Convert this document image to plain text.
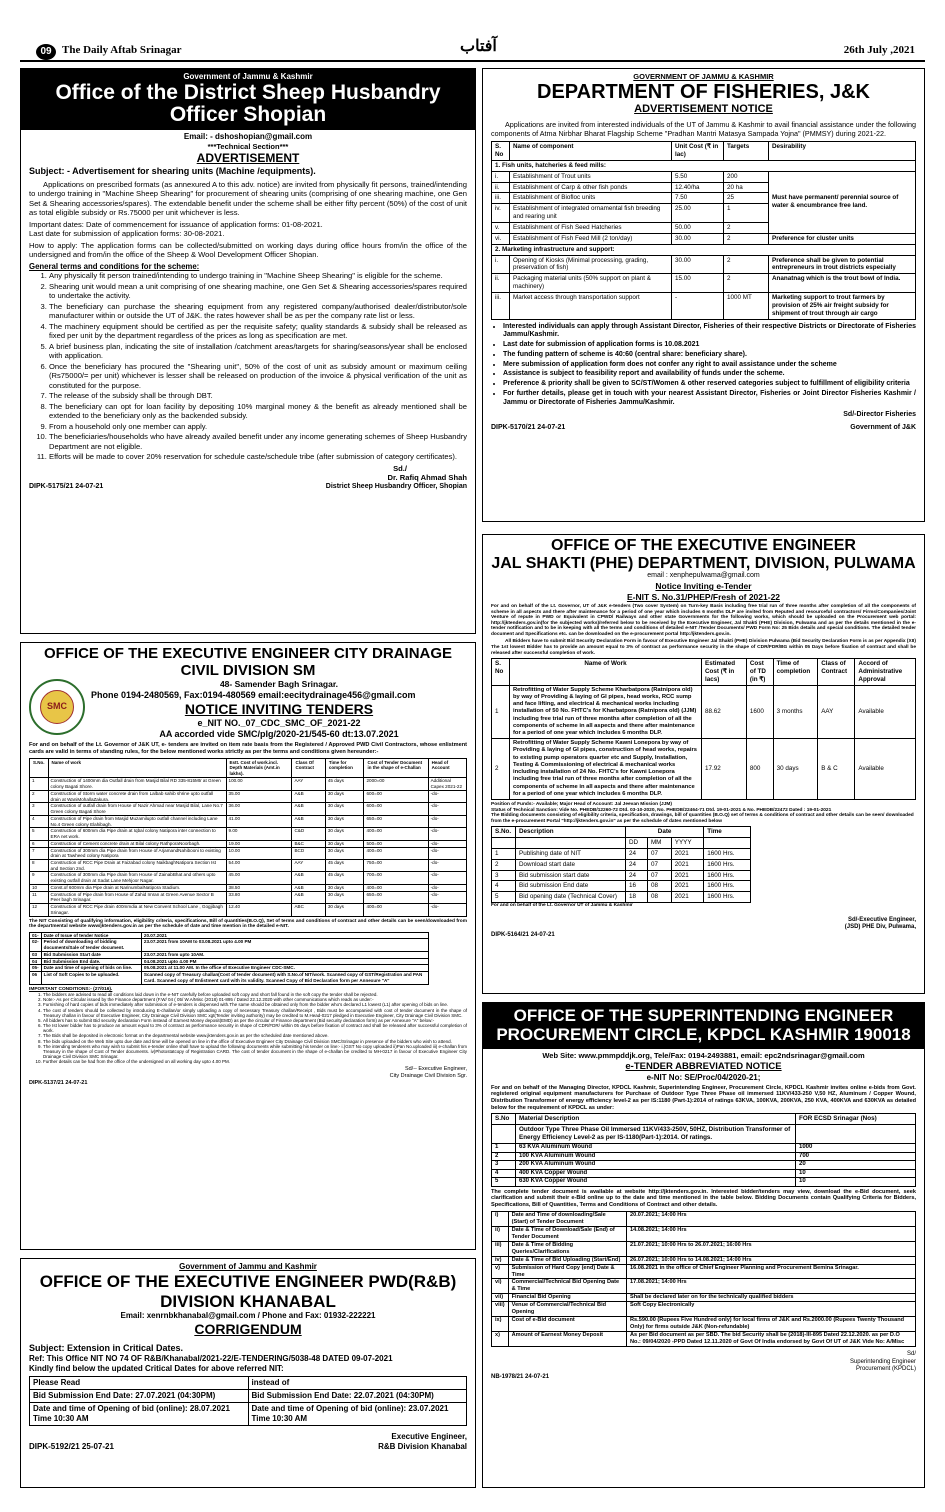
09 The Daily Aftab Srinagar	آفتاب	26th July ,2021
Government of Jammu & Kashmir
Office of the District Sheep Husbandry Officer Shopian
Email: - dshoshopian@gmail.com
***Technical Section***
ADVERTISEMENT
Subject: - Advertisement for shearing units (Machine /equipments).

Applications on prescribed formats (as annexured A to this adv. notice) are invited from physically fit persons, trained/intending to undergo training in "Machine Sheep Shearing" for procurement of shearing units (comprising of one shearing machine, one Gen Set & Shearing accessories/spares). The extendable benefit under the scheme shall be either fifty percent (50%) of the cost of unit as total eligible subsidy or Rs.75000 per unit whichever is less.

Important dates: Date of commencement for issuance of application forms: 01-08-2021.

Last date for submission of application forms: 30-08-2021.

How to apply: The application forms can be collected/submitted on working days during office hours from/in the office of the undersigned and from/in the office of the Sheep & Wool Development Officer Shopian.

General terms and conditions for the scheme:
1. Any physically fit person trained/intending to undergo training in "Machine Sheep Shearing" is eligible for the scheme.
2. Shearing unit would mean a unit comprising of one shearing machine, one Gen Set & Shearing accessories/spares required to undertake the activity.
3. The beneficiary can purchase the shearing equipment from any registered company/authorised dealer/distributor/sole manufacturer within or outside the UT of J&K. the rates however shall be as per the company rate list or less.
4. The machinery equipment should be certified as per the requisite safety; quality standards & subsidy shall be released as fixed per unit by the department regardless of the prices as long as specification are met.
5. A brief business plan, indicating the site of installation /catchment areas/targets for sharing/seasons/year shall be enclosed with application.
6. Once the beneficiary has procured the "Shearing unit", 50% of the cost of unit as subsidy amount or maximum ceiling (Rs75000/= per unit) whichever is lesser shall be released on production of the invoice & physical verification of the unit as constituted for the purpose.
7. The release of the subsidy shall be through DBT.
8. The beneficiary can opt for loan facility by depositing 10% marginal money & the benefit as already mentioned shall be extended to the beneficiary only as the backended subsidy.
9. From a household only one member can apply.
10. The beneficiaries/households who have already availed benefit under any income generating schemes of Sheep Husbandry Department are not eligible.
11. Efforts will be made to cover 20% reservation for schedule caste/schedule tribe (after submission of category certificates).
Sd./
Dr. Rafiq Ahmad Shah
DIPK-5175/21 24-07-21	District Sheep Husbandry Officer, Shopian
GOVERNMENT OF JAMMU & KASHMIR
DEPARTMENT OF FISHERIES, J&K
ADVERTISEMENT NOTICE

Applications are invited from interested individuals of the UT of Jammu & Kashmir to avail financial assistance under the following components of Atma Nirbhar Bharat Flagship Scheme "Pradhan Mantri Matasya Sampada Yojna" (PMMSY) during 2021-22.

S. No	Name of component	Unit Cost (₹ in lac)	Targets	Desirability
1. Fish units, hatcheries & feed mills:				
i.	Establishment of Trout units	5.50	200	Must have permanent/ perennial source of water & encumbrance free land.
ii.	Establishment of Carp & other fish ponds	12.40/ha	20 ha	
iii.	Establishment of Biofloc units	7.50	25	
iv.	Establishment of integrated ornamental fish breeding and rearing unit	25.00	1	
v.	Establishment of Fish Seed Hatcheries	50.00	2	
vi.	Establishment of Fish Feed Mill (2 ton/day)	30.00	2	Preference for cluster units
2. Marketing infrastructure and support:				
i.	Opening of Kiosks (Minimal processing, grading, preservation of fish)	30.00	2	Preference shall be given to potential entrepreneurs in trout districts especially
ii.	Packaging material units (50% support on plant & machinery)	15.00	2	Ananatnag which is the trout bowl of India.
iii.	Market access through transportation support	-	1000 MT	Marketing support to trout farmers by provision of 25% air freight subsidy for shipment of trout through air cargo
• Interested individuals can apply through Assistant Director, Fisheries of their respective Districts or Directorate of Fisheries Jammu/Kashmir.
• Last date for submission of application forms is 10.08.2021
• The funding pattern of scheme is 40:60 (central share: beneficiary share).
• Mere submission of application form does not confer any right to avail assistance under the scheme
• Assistance is subject to feasibility report and availability of funds under the scheme.
• Preference & priority shall be given to SC/ST/Women & other reserved categories subject to fulfillment of eligibility criteria
• For further details, please get in touch with your nearest Assistant Director, Fisheries or Joint Director Fisheries Kashmir / Jammu or Directorate of Fisheries Jammu/Kashmir.
Sd/-Director Fisheries
DIPK-5170/21 24-07-21	Government of J&K
OFFICE OF THE EXECUTIVE ENGINEER
JAL SHAKTI (PHE) DEPARTMENT, DIVISION, PULWAMA
email : xenphepulwama@gmail.com
Notice Inviting e-Tender
E-NIT S. No.31/PHEP/Fresh of 2021-22

For and on behalf of the Lt. Governor, UT of J&K e-tenders (Two cover System) on Turn-key Basis including free trial run of three months after completion of all the components of scheme in all aspects and there after maintenance for a period of one year which includes 6 months DLP are invited from Reputed and resourceful contractors/ Firms/Companies/Joint Venture of repute in PWD or Equivalent in CPWD/ Railways and other state Governments for the following works, which should be uploaded on the Procurement web portal: http://jktenders.gov.in(for the subjected works)/referred below to be received by the Executive Engineer, Jal Shakti (PHE) Division, Pulwama and as per the details mentioned in the e-tender notification and to be in keeping with all the terms and conditions of detailed e-NIT /Tender Documents/ PWD Form No: 25 Bids details and special conditions. The detailed tender document and Specifications etc. can be downloaded on the e-procurement portal http://jktenders.gov.in.

All Bidders have to submit Bid Security Declaration Form in favour of Executive Engineer Jal Shakti (PHE) Division Pulwama (Bid Security Declaration Form is as per Appendix (XII) The 1st lowest Bidder has to provide an amount equal to 3% of contract as performance security in the shape of CDR/FDR/BG within 05 Days before fixation of contract and shall be released after successful completion of work.

S. No	Name of Work	Estimated Cost (₹ in lacs)	Cost of TD (in ₹)	Time of completion	Class of Contract	Accord of Administrative Approval
1	Retrofitting of Water Supply Scheme Kharbatpora (Ratnipora old) by way of Providing & laying of GI pipes, head works, RCC sump and face lifting, and electrical & mechanical works including installation of 50 No. FHTC's for Kharbatpora (Ratnipora old) (JJM) including free trial run of three months after completion of all the components of scheme in all aspects and there after maintenance for a period of one year which includes 6 months DLP.	88.62	1600	3 months	AAY	Available
2	Retrofitting of Water Supply Scheme Kawni Lonepora by way of Providing & laying of GI pipes, construction of head works, repairs to existing pump operators quarter etc and Supply, Installation, Testing & Commissioning of electrical & mechanical works including installation of 24 No. FHTC's for Kawni Lonepora including free trial run of three months after completion of all the components of scheme in all aspects and there after maintenance for a period of one year which includes 6 months DLP.	17.92	800	30 days	B & C	Available
Position of Funds:- Available; Major Head of Account: Jal Jeevan Mission (JJM)
Status of Technical Sanction: Vide No. PHEDB/12260-72 Dtd. 03-10-2020, No. PHEDB/22464-71 Dtd. 19-01-2021 & No. PHEDB/22472 Dated : 19-01-2021
The Bidding documents consisting of eligibility criteria, specification, drawings, bill of quantities (B.O.Q) set of terms & conditions of contract and other details can be seen/ downloaded from the e-procurement Portal "http://jktenders.gov.in" as per the schedule of dates mentioned below
S.No.	Description	Date			Time
		DD	MM	YYYY	
1	Publishing date of NIT	24	07	2021	1600 Hrs.
2	Download start date	24	07	2021	1600 Hrs.
3	Bid submission start date	24	07	2021	1600 Hrs.
4	Bid submission End date	16	08	2021	1600 Hrs.
5	Bid opening date (Technical Cover)	18	08	2021	1600 Hrs.
For and on behalf of the Lt. Governor UT of Jammu & Kashmir
Sd/-Executive Engineer,
(JSD) PHE Div, Pulwama,
DIPK-5164/21 24-07-21
OFFICE OF THE EXECUTIVE ENGINEER CITY DRAINAGE CIVIL DIVISION SM
SMC
48- Samender Bagh Srinagar.
Phone 0194-2480569, Fax:0194-480569 email:eecitydrainage456@gmail.com
NOTICE INVITING TENDERS
e_NIT NO._07_CDC_SMC_OF_2021-22
AA accorded vide SMC/plg/2020-21/545-60 dt:13.07.2021

For and on behalf of the Lt. Governor of J&K UT, e- tenders are invited on item rate basis from the Registered / Approved PWD Civil Contractors, whose enlistment cards are valid in terms of standing rules, for the below mentioned works strictly as per the terms and conditions given hereunder:-

S.No.	Name of work	Estt. Cost of work.incl. Depth Materials (Amt.in lakhs).	Class Of Contract	Time for completion	Cost of Tender Document in the shape of e-Challan	Head of Account
1	Construction of 1400mm dia Outfall drain from Masjid Bilal RD 335-815Mtr at Green colony Bagati Shore.	100.00	AAY	45 days	2000=00	Additional Capex 2021-22
2	Construction of Storm water concrete drain from Lalbab sahib shrine upto outfall drain at WaniMohallaZakura.	35.00	A&B	30 days	600=00	-do-
3	Construction of outfall drain from House of Nazir Ahmad near Masjid Bilal, Lane No.7 Green colony Bagati Shore	36.00	A&B	30 days	600=00	-do-
4	Construction of Pipe drain from Masjid Muzamilupto outfall channel including Lane No.4 Green colony Elahibagh.	41.00	A&B	30 days	650=00	-do-
5	Construction of 600mm dia Pipe drain at Iqbal colony Natipora inter connection to ERA net work.	9.00	C&D	30 days	400=00	-do-
6	Construction of Cement concrete drain at Bilal colony RathporaNoorbagh.	19.00	B&C	30 days	500=00	-do-
7	Construction of 300mm dia Pipe drain from House of ArjamandNahibooni to existing drain at Tawheed colony Natipora	10.00	BCD	30 days	400=00	-do-
8	Construction of RCC Pipe Drain at Faizabad colony NaikbaghNatipora Section Ist and Section 2nd.	54.00	AAY	45 days	750=00	-do-
9	Construction of 300mm dia Pipe drain from House of ZainabBhat and others upto existing outfall drain at Sadat Lane Mehjoor Nagar.	45.00	A&B	45 days	700=00	-do-
10	Const.of 600mm dia Pipe drain at NarinumbalNatipora Stadium.	38.50	A&B	30 days	400=00	-do-
11	Construction of Pipe drain from House of Zahid Imran at Green Avenue Sector B Peer bagh Srinagar.	33.80	A&B	30 days	650=00	-do-
12	Construction of RCC Pipe drain 400mmdia at New Convent School Lane , Gogjibagh Srinagar.	12.40	ABC	30 days	400=00	-do-

The NIT Consisting of qualifying information, eligibility criteria, specifications, Bill of quantities(B.O.Q), Set of terms and conditions of contract and other details can be seen/downloaded from the departmental website www/jktenders.gov.in as per the schedule of date and time mention in the detailed e-NIT.

01-	Date of Issue of tender Notice	20.07.2021
02-	Period of downloading of bidding documents/Sale of tender document.	23.07.2021 from 10AM to 03.08.2021 upto 4.00 PM
03	Bid Submission Start date	23.07.2021 from upto 10AM.
04	Bid Submission End date.	04.08.2021 upto 4.00 PM
05-	Date and time of opening of bids on line.	05.08.2021 at 11.00 AM. In the office of Executive Engineer CDC-SMC.
06	List of Soft Copies to be uploaded.	Scanned copy of Treasury challan(Cost of tender document) with S.No.of NIT/work. Scanned copy of GST/Registration and PAN Card. Scanned copy of Enlistment card with its validity. Scanned Copy of Bid Declaration form per Annexure "A"
IMPORTANT CONDITIONS:- (27/016).
1. The bidders are advised to read all conditions laid down in the e-NIT carefully before uploaded soft copy and short fall found in the soft copy the tender shall be rejected.
2. Note:- As per Circular issued by the Finance department (F.W/ 04 ( 05/ W.A/Misc (2018) 01-895 / Dated 22.12.2020 with other communications which reads as under:-
3. Furnishing of hard copies of bids immediately after submission of e-tenders is dispensed with.The same should be obtained only from the bidder who's declared L1 lowest (L1) after opening of bids on line.
4. The cost of tenders should be collected by introducing E-challan/or simply uploading a copy of necessary Treasury challan/Receipt , Bids must be accompanied with cost of tender document in the shape of Treasury challan in favour of Executive Engineer, City Drainage Civil Division SMC xgt(Tender inviting authority) may be credited to M.Head-0217 pledged in Executive Engineer, City Drainage Civil Division SMC.
5. All bidders has to submit Bid security declaration Form instead of Earnest Money deposit(EMD) as per the circular of Finance department (Bid security declaration form) as per Annexure "A" below:-
6. The Ist lower bidder has to produce an amount equal to 3% of contract as performance security in shape of CDR/FDR/ within 05 days before fixation of contract and shall be released after successful completion of work.
7. The Bids shall be deposited in electronic format on the departmental website www.jktenders.gov.in as per the scheduled date mentioned above.
8. The bids uploaded on the Web Site upto due date and time will be opened on line in the office of Executive Engineer City Drainage Civil Division SMC/Srinagar in presence of the bidders who wish to attend.
9. The intending tenderers who may wish to submit his e-tender online shall have to upload the following documents while submitting his tender on line:- i.)GST No copy uploaded ii)Pan No.uploaded iii) e-challan from Treasury in the shape of Cost of Tender documents. iv)Photostatcopy of Registration CARD. The cost of tender document in the shape of e-challan be credited to MH-0217 in favour of Executive Engineer City Drainage Civil Division SMC Srinagar.
10. Further details can be had from the office of the undersigned on all working day upto 4.00 PM.
Sd/-- Executive Engineer,
City Drainage Civil Division Sgr.
DIPK-5137/21 24-07-21
Government of Jammu and Kashmir
OFFICE OF THE EXECUTIVE ENGINEER PWD(R&B) DIVISION KHANABAL
Email: xenrnbkhanabal@gmail.com / Phone and Fax: 01932-222221
CORRIGENDUM
Subject: Extension in Critical Dates.
Ref: This Office NIT NO 74 OF R&B/Khanabal/2021-22/E-TENDERING/5038-48 DATED 09-07-2021
Kindly find below the updated Critical Dates for above referred NIT:
Please Read	instead of
Bid Submission End Date: 27.07.2021 (04:30PM)	Bid Submission End Date: 22.07.2021 (04:30PM)
Date and time of Opening of bid (online): 28.07.2021 Time 10:30 AM	Date and time of Opening of bid (online): 23.07.2021 Time 10:30 AM
Executive Engineer,
DIPK-5192/21 25-07-21	R&B Division Khanabal
OFFICE OF THE SUPERINTENDING ENGINEER
PROCUREMENT CIRCLE, KPDCL KASHMIR 190018
Web Site: www.pmmpddjk.org, Tele/Fax: 0194-2493881, email: epc2ndsrinagar@gmail.com
e-TENDER ABBREVIATED NOTICE
e-NIT No: SE/Proc/04/2020-21;

For and on behalf of the Managing Director, KPDCL Kashmir, Superintending Engineer, Procurement Circle, KPDCL Kashmir invites online e-bids from Govt. registered original equipment manufacturers for Purchase of Outdoor Type Three Phase oil immersed 11KV/433-250 V,50 HZ, Aluminum / Copper Wound, Distribution Transformer of energy efficiency level-2 as per IS:1180 (Part-1):2014 of ratings 63KVA, 100KVA, 200KVA, 250 KVA, 400KVA and 630KVA as detailed below for the requirement of KPDCL as under:

S.No	Material Description	FOR ECSD Srinagar (Nos)
	Outdoor Type Three Phase Oil Immersed 11KV/433-250V, 50HZ, Distribution Transformer of Energy Efficiency Level-2 as per IS-1180(Part-1):2014. Of ratings.	
1	63 KVA Aluminum Wound	1000
2	100 KVA Aluminum Wound	700
3	200 KVA Aluminum Wound	20
4	400 KVA Copper Wound	10
5	630 KVA Copper Wound	10

The complete tender document is available at website http://jktenders.gov.in. Interested bidder/tenders may view, download the e-Bid document, seek clarification and submit their e-Bid online up to the date and time mentioned in the table below. Bidding Documents contain Qualifying Criteria for Bidders, Specifications, Bill of Quantities, Terms and Conditions of Contract and other details.

i)	Date and Time of downloading/Sale (Start) of Tender Document	20.07.2021; 14:00 Hrs
ii)	Date & Time of Download/Sale (End) of Tender Document	14.08.2021; 14:00 Hrs
iii)	Date & Time of Bidding Queries/Clarifications	21.07.2021; 10:00 Hrs to 26.07.2021; 16:00 Hrs
iv)	Date & Time of Bid Uploading (Start/End)	26.07.2021; 10:00 Hrs to 14.08.2021; 14:00 Hrs
v)	Submission of Hard Copy (end) Date & Time	16.08.2021 in the office of Chief Engineer Planning and Procurement Bemina Srinagar.
vi)	Commercial/Technical Bid Opening Date & Time	17.08.2021; 14:00 Hrs
vii)	Financial Bid Opening	Shall be declared later on for the technically qualified bidders
viii)	Venue of Commercial/Technical Bid Opening	Soft Copy Electronically
ix)	Cost of e-Bid document	Rs.590.00 (Rupees Five Hundred only) for local firms of J&K and Rs.2000.00 (Rupees Twenty Thousand Only) for firms outside J&K (Non-refundable)
x)	Amount of Earnest Money Deposit	As per Bid document as per SBD. The bid Security shall be (2018)-III-895 Dated 22.12.2020. as per D.O No.: 09/04/2020 -PPD Dated 12.11.2020 of Govt Of India endorsed by Govt Of UT of J&K Vide No: A/Misc
Sd/
Superintending Engineer
Procurement (KPDCL)
NB-1978/21 24-07-21
